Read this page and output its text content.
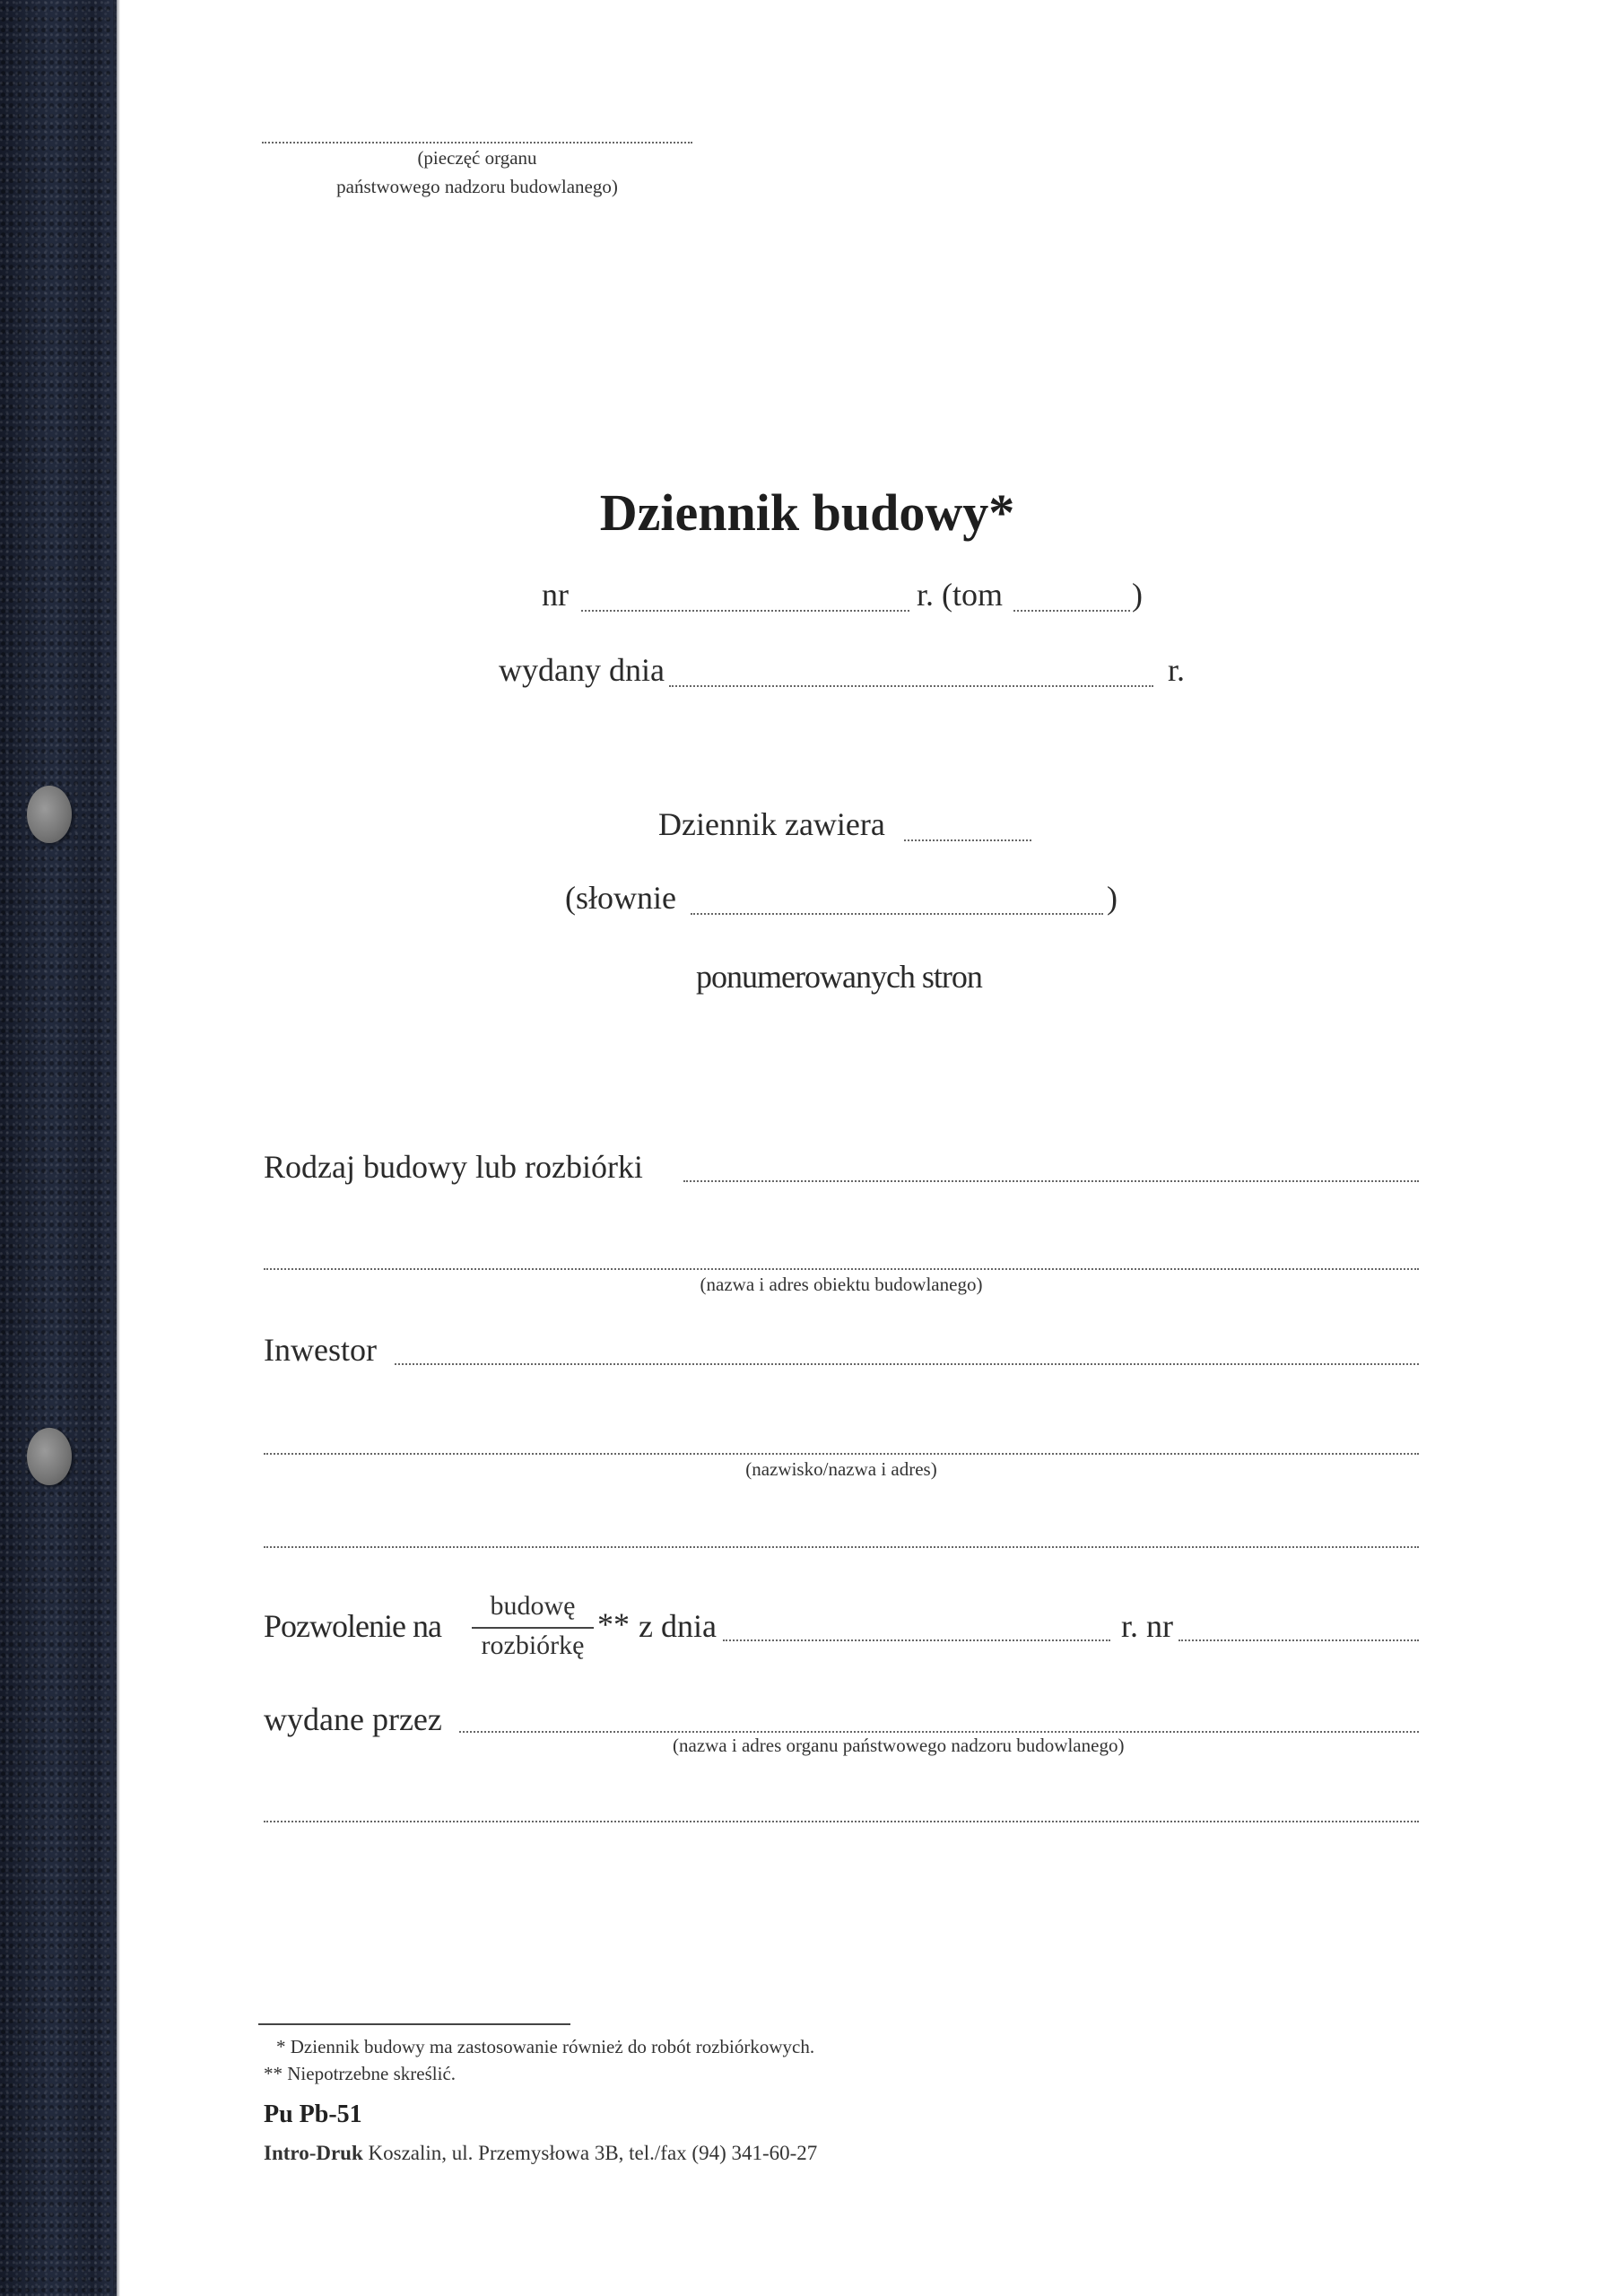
(pieczęć organu
państwowego nadzoru budowlanego)
Dziennik budowy*
nr	r. (tom	)
wydany dnia	r.
Dziennik zawiera
(słownie	)
ponumerowanych stron
Rodzaj budowy lub rozbiórki
(nazwa i adres obiektu budowlanego)
Inwestor
(nazwisko/nazwa i adres)
Pozwolenie na
budowę
rozbiórkę
** z dnia	r. nr
wydane przez
(nazwa i adres organu państwowego nadzoru budowlanego)
* Dziennik budowy ma zastosowanie również do robót rozbiórkowych.
** Niepotrzebne skreślić.
Pu Pb-51
Intro-Druk Koszalin, ul. Przemysłowa 3B, tel./fax (94) 341-60-27
